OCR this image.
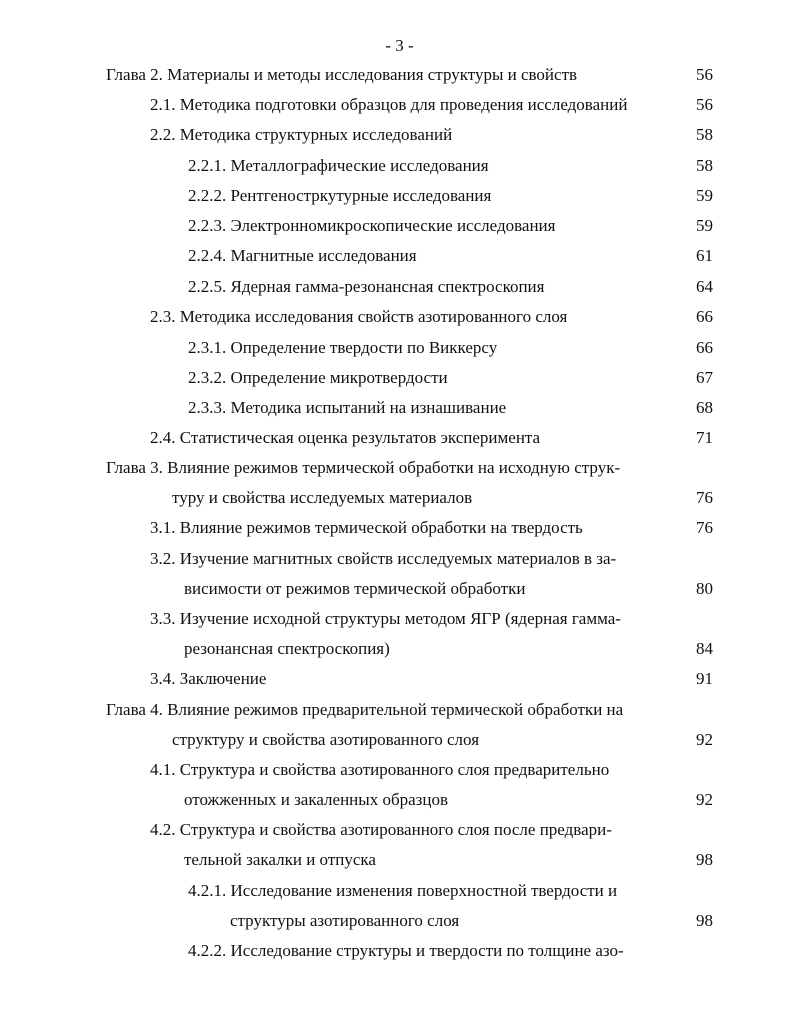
- 3 -
Глава 2. Материалы и методы исследования структуры и свойств	56
2.1. Методика подготовки образцов для проведения исследований	56
2.2. Методика структурных исследований	58
2.2.1. Металлографические исследования	58
2.2.2. Рентгеностркутурные исследования	59
2.2.3. Электронномикроскопические исследования	59
2.2.4. Магнитные исследования	61
2.2.5. Ядерная гамма-резонансная спектроскопия	64
2.3. Методика исследования свойств азотированного слоя	66
2.3.1. Определение твердости по Виккерсу	66
2.3.2. Определение микротвердости	67
2.3.3. Методика испытаний на изнашивание	68
2.4. Статистическая оценка результатов эксперимента	71
Глава 3. Влияние режимов термической обработки на исходную струк-
туру и свойства исследуемых материалов	76
3.1. Влияние режимов термической обработки на твердость	76
3.2. Изучение магнитных свойств исследуемых материалов в за-
висимости от режимов термической обработки	80
3.3. Изучение исходной структуры методом ЯГР (ядерная гамма-
резонансная спектроскопия)	84
3.4. Заключение	91
Глава 4. Влияние режимов предварительной термической обработки на
структуру и свойства азотированного слоя	92
4.1. Структура и свойства азотированного слоя предварительно
отожженных и закаленных образцов	92
4.2. Структура и свойства азотированного слоя после предвари-
тельной закалки и отпуска	98
4.2.1. Исследование изменения поверхностной твердости и
структуры азотированного слоя	98
4.2.2. Исследование структуры и твердости по толщине азо-
